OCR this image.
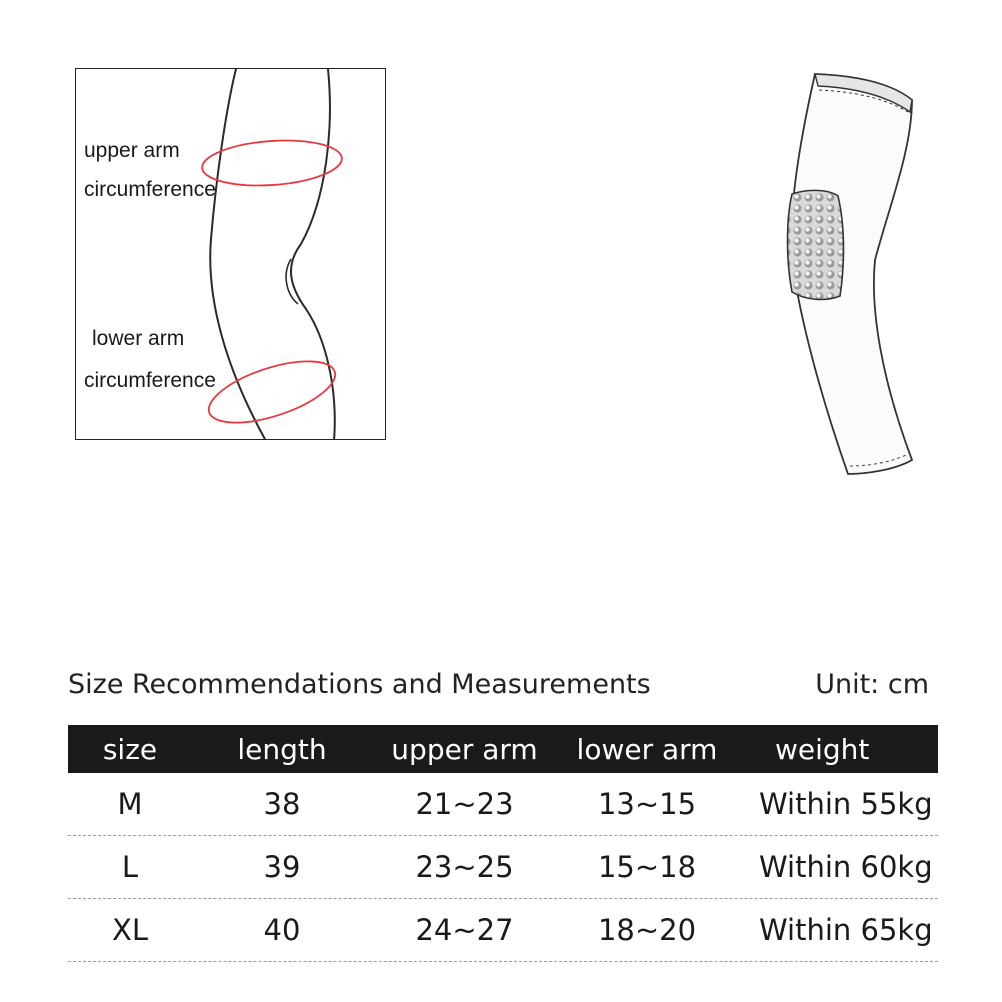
upper arm
circumference
lower arm
circumference
Size Recommendations and Measurements	Unit: cm
size	length	upper arm	lower arm	weight
M	38	21~23	13~15	Within 55kg
L	39	23~25	15~18	Within 60kg
XL	40	24~27	18~20	Within 65kg
